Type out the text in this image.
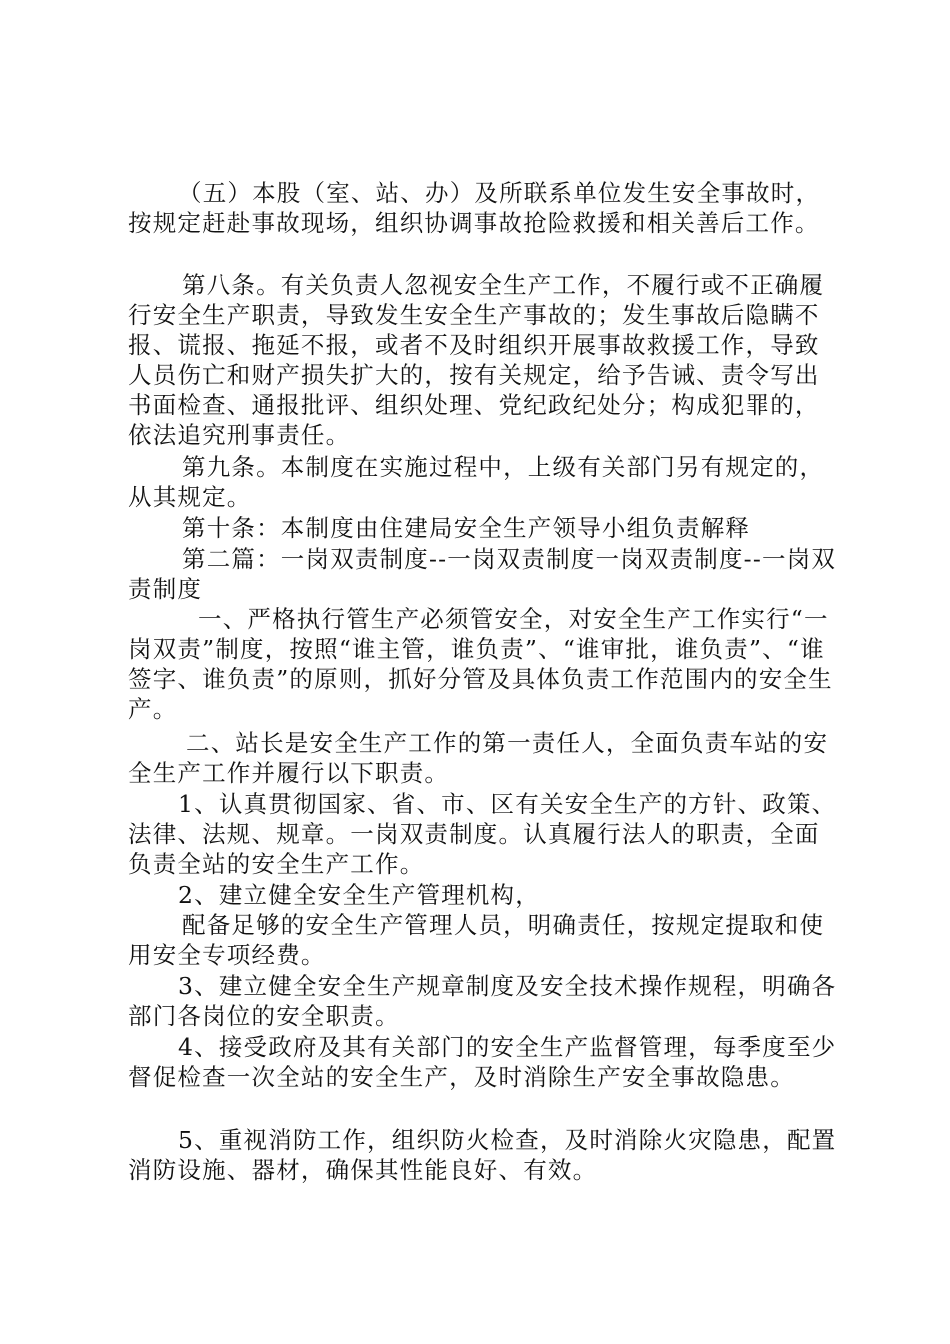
（五）本股（室、站、办）及所联系单位发生安全事故时，按规定赶赴事故现场，组织协调事故抢险救援和相关善后工作。

第八条。有关负责人忽视安全生产工作，不履行或不正确履行安全生产职责，导致发生安全生产事故的；发生事故后隐瞒不报、谎报、拖延不报，或者不及时组织开展事故救援工作，导致人员伤亡和财产损失扩大的，按有关规定，给予告诫、责令写出书面检查、通报批评、组织处理、党纪政纪处分；构成犯罪的，依法追究刑事责任。

第九条。本制度在实施过程中，上级有关部门另有规定的，从其规定。

第十条：本制度由住建局安全生产领导小组负责解释

第二篇：一岗双责制度--一岗双责制度一岗双责制度--一岗双责制度

一、严格执行管生产必须管安全，对安全生产工作实行“一岗双责”制度，按照“谁主管，谁负责”、“谁审批，谁负责”、“谁签字、谁负责”的原则，抓好分管及具体负责工作范围内的安全生产。

二、站长是安全生产工作的第一责任人，全面负责车站的安全生产工作并履行以下职责。

1、认真贯彻国家、省、市、区有关安全生产的方针、政策、法律、法规、规章。一岗双责制度。认真履行法人的职责，全面负责全站的安全生产工作。

2、建立健全安全生产管理机构，

配备足够的安全生产管理人员，明确责任，按规定提取和使用安全专项经费。

3、建立健全安全生产规章制度及安全技术操作规程，明确各部门各岗位的安全职责。

4、接受政府及其有关部门的安全生产监督管理，每季度至少督促检查一次全站的安全生产，及时消除生产安全事故隐患。

5、重视消防工作，组织防火检查，及时消除火灾隐患，配置消防设施、器材，确保其性能良好、有效。
